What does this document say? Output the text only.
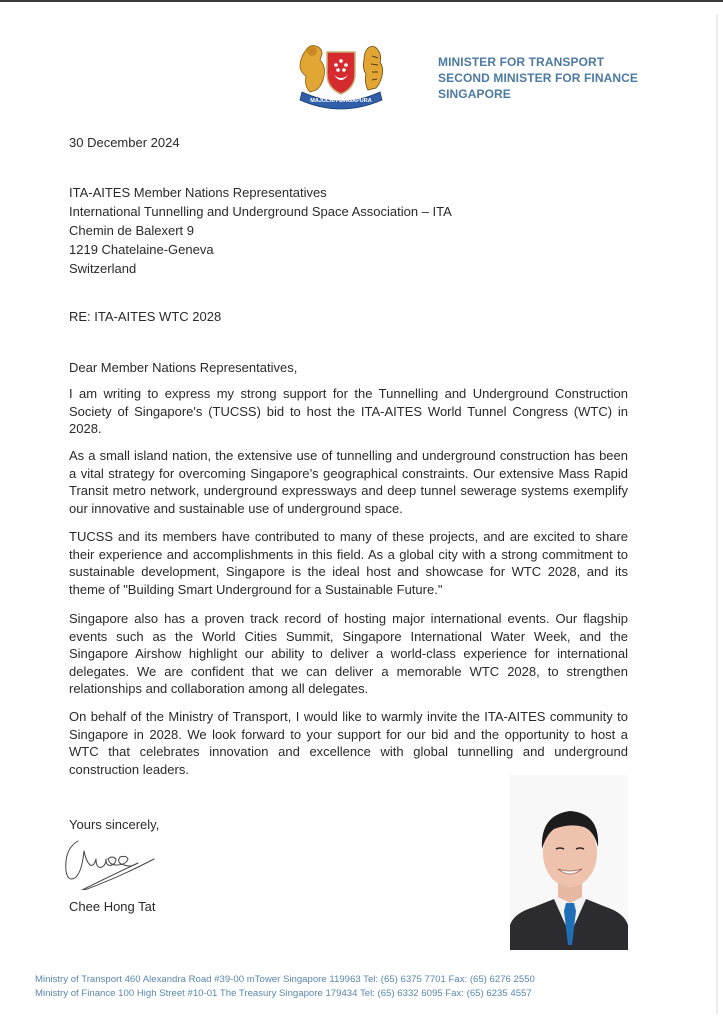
MAJULAH SINGAPURA
MINISTER FOR TRANSPORT
SECOND MINISTER FOR FINANCE
SINGAPORE
30 December 2024
ITA-AITES Member Nations Representatives
International Tunnelling and Underground Space Association – ITA
Chemin de Balexert 9
1219 Chatelaine-Geneva
Switzerland
RE: ITA-AITES WTC 2028
Dear Member Nations Representatives,
I am writing to express my strong support for the Tunnelling and Underground Construction Society of Singapore's (TUCSS) bid to host the ITA-AITES World Tunnel Congress (WTC) in 2028.
As a small island nation, the extensive use of tunnelling and underground construction has been a vital strategy for overcoming Singapore’s geographical constraints. Our extensive Mass Rapid Transit metro network, underground expressways and deep tunnel sewerage systems exemplify our innovative and sustainable use of underground space.
TUCSS and its members have contributed to many of these projects, and are excited to share their experience and accomplishments in this field. As a global city with a strong commitment to sustainable development, Singapore is the ideal host and showcase for WTC 2028, and its theme of "Building Smart Underground for a Sustainable Future."
Singapore also has a proven track record of hosting major international events. Our flagship events such as the World Cities Summit, Singapore International Water Week, and the Singapore Airshow highlight our ability to deliver a world-class experience for international delegates. We are confident that we can deliver a memorable WTC 2028, to strengthen relationships and collaboration among all delegates.
On behalf of the Ministry of Transport, I would like to warmly invite the ITA-AITES community to Singapore in 2028. We look forward to your support for our bid and the opportunity to host a WTC that celebrates innovation and excellence with global tunnelling and underground construction leaders.
Yours sincerely,
Chee Hong Tat
Ministry of Transport 460 Alexandra Road #39-00 mTower Singapore 119963 Tel: (65) 6375 7701 Fax: (65) 6276 2550
Ministry of Finance 100 High Street #10-01 The Treasury Singapore 179434 Tel: (65) 6332 6095 Fax: (65) 6235 4557
